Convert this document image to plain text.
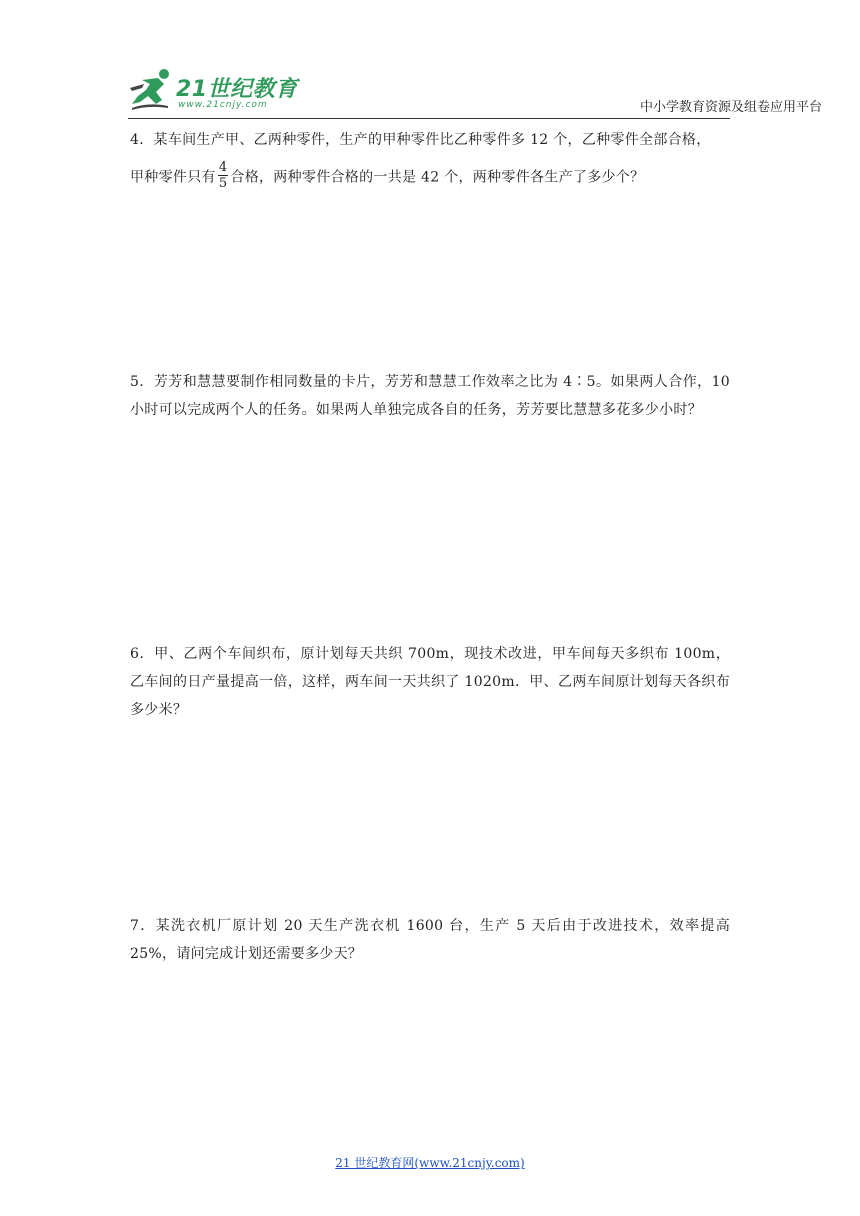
21世纪教育
www.21cnjy.com	中小学教育资源及组卷应用平台

4．某车间生产甲、乙两种零件，生产的甲种零件比乙种零件多 12 个，乙种零件全部合格，

甲种零件只有 $\frac{4}{5}$ 合格，两种零件合格的一共是 42 个，两种零件各生产了多少个？

5．芳芳和慧慧要制作相同数量的卡片，芳芳和慧慧工作效率之比为 4∶5。如果两人合作，10 小时可以完成两个人的任务。如果两人单独完成各自的任务，芳芳要比慧慧多花多少小时？

6．甲、乙两个车间织布，原计划每天共织 700m，现技术改进，甲车间每天多织布 100m，乙车间的日产量提高一倍，这样，两车间一天共织了 1020m．甲、乙两车间原计划每天各织布多少米？

7．某洗衣机厂原计划 20 天生产洗衣机 1600 台，生产 5 天后由于改进技术，效率提高 25%，请问完成计划还需要多少天？

21 世纪教育网(www.21cnjy.com)
